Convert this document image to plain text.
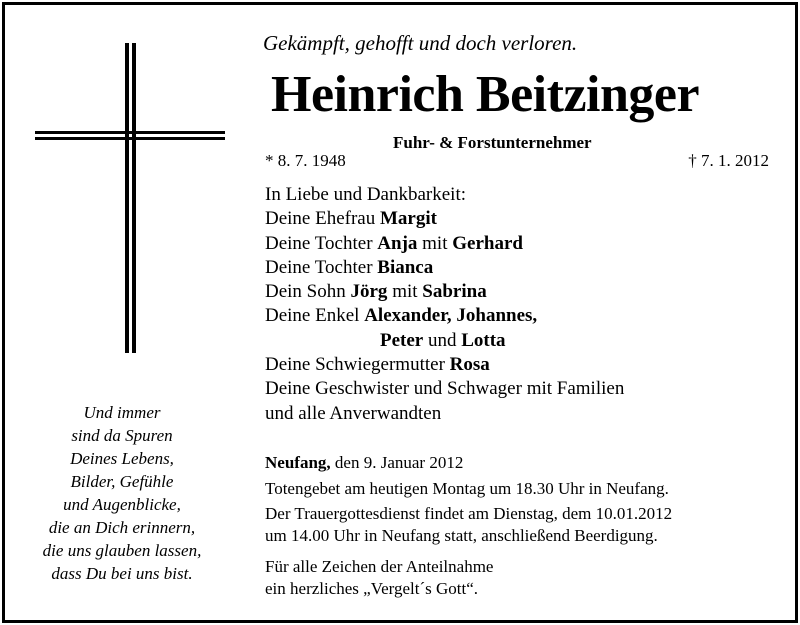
Gekämpft, gehofft und doch verloren.
Heinrich Beitzinger
Fuhr- & Forstunternehmer
* 8. 7. 1948	† 7. 1. 2012
In Liebe und Dankbarkeit:
Deine Ehefrau Margit
Deine Tochter Anja mit Gerhard
Deine Tochter Bianca
Dein Sohn Jörg mit Sabrina
Deine Enkel Alexander, Johannes,
Peter und Lotta
Deine Schwiegermutter Rosa
Deine Geschwister und Schwager mit Familien
und alle Anverwandten
Und immer
sind da Spuren
Deines Lebens,
Bilder, Gefühle
und Augenblicke,
die an Dich erinnern,
die uns glauben lassen,
dass Du bei uns bist.
Neufang, den 9. Januar 2012
Totengebet am heutigen Montag um 18.30 Uhr in Neufang.
Der Trauergottesdienst findet am Dienstag, dem 10.01.2012
um 14.00 Uhr in Neufang statt, anschließend Beerdigung.
Für alle Zeichen der Anteilnahme
ein herzliches „Vergelt´s Gott“.
